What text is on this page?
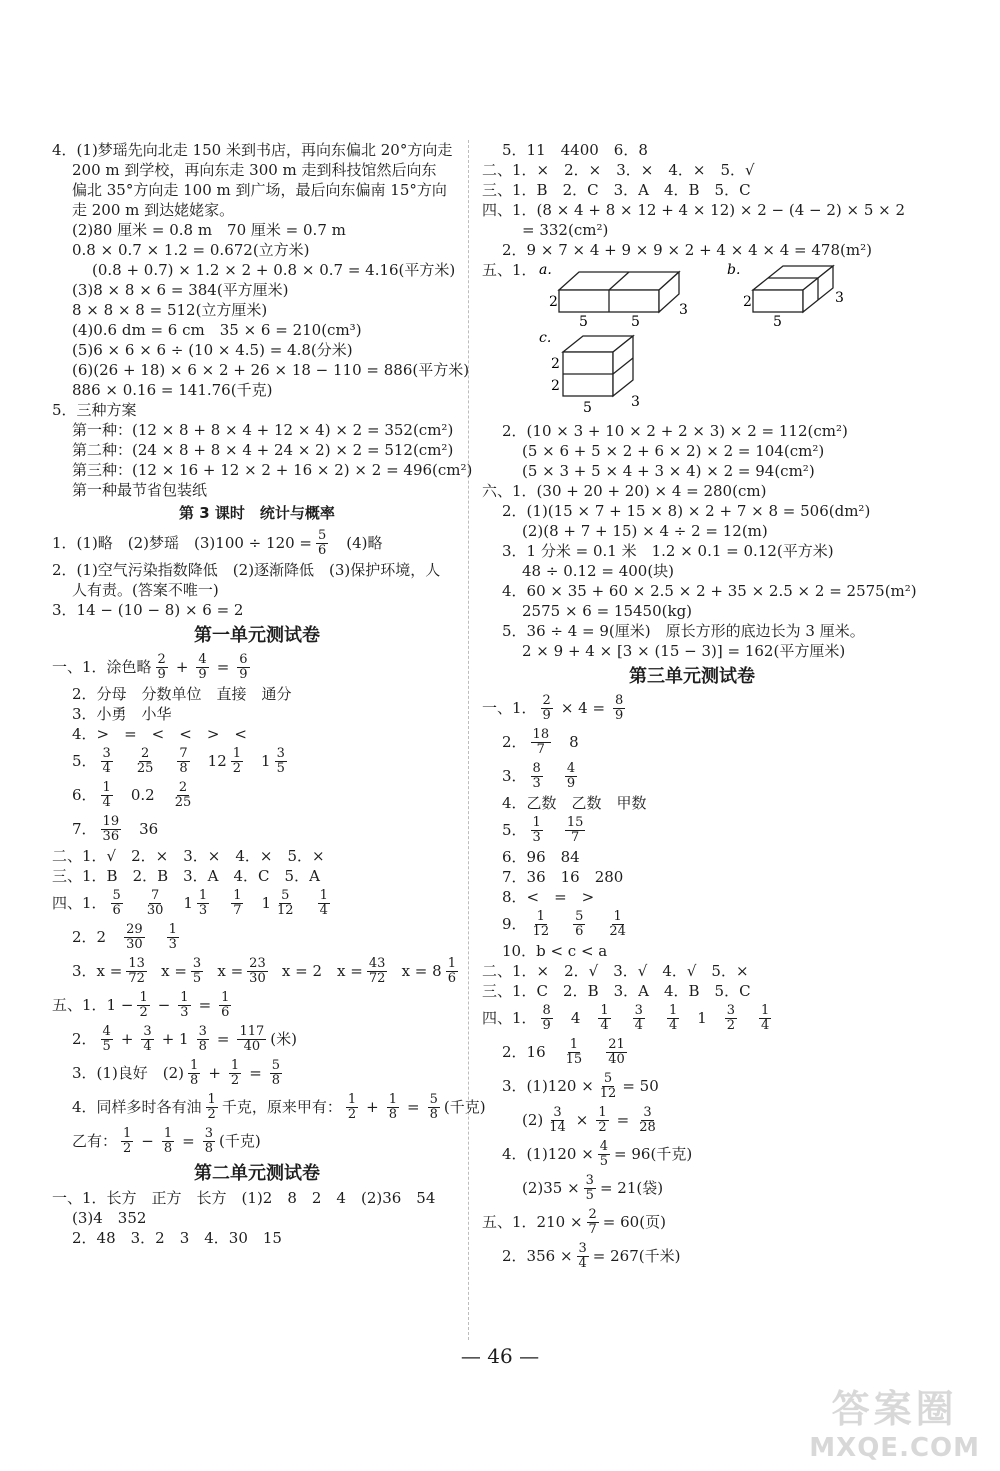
4．(1)梦瑶先向北走 150 米到书店，再向东偏北 20°方向走
200 m 到学校，再向东走 300 m 走到科技馆然后向东
偏北 35°方向走 100 m 到广场，最后向东偏南 15°方向
走 200 m 到达姥姥家。
(2)80 厘米 = 0.8 m　70 厘米 = 0.7 m
0.8 × 0.7 × 1.2 = 0.672(立方米)
(0.8 + 0.7) × 1.2 × 2 + 0.8 × 0.7 = 4.16(平方米)
(3)8 × 8 × 6 = 384(平方厘米)
8 × 8 × 8 = 512(立方厘米)
(4)0.6 dm = 6 cm　35 × 6 = 210(cm³)
(5)6 × 6 × 6 ÷ (10 × 4.5) = 4.8(分米)
(6)(26 + 18) × 6 × 2 + 26 × 18 − 110 = 886(平方米)
886 × 0.16 = 141.76(千克)
5．三种方案
第一种：(12 × 8 + 8 × 4 + 12 × 4) × 2 = 352(cm²)
第二种：(24 × 8 + 8 × 4 + 24 × 2) × 2 = 512(cm²)
第三种：(12 × 16 + 12 × 2 + 16 × 2) × 2 = 496(cm²)
第一种最节省包装纸
第 3 课时　统计与概率
1．(1)略　(2)梦瑶　$(3)100 \div 120 = \frac{5}{6} (4)$略
2．(1)空气污染指数降低　(2)逐渐降低　(3)保护环境，人
人有责。(答案不唯一)
3．14 − (10 − 8) × 6 = 2
第一单元测试卷
一、1．涂色略 $\frac{2}{9} + \frac{4}{9} = \frac{6}{9}$
2．分母　分数单位　直接　通分
3．小勇　小华
4．>　=　<　<　>　<
5． $\frac{3}{4} \frac{2}{25} \frac{7}{8} 12 \frac{1}{2} 1 \frac{3}{5}$
6． $\frac{1}{4} 0.2 \frac{2}{25}$
7． $\frac{19}{36} 36$
二、1．√　2．×　3．×　4．×　5．×
三、1．B　2．B　3．A　4．C　5．A
四、1． $\frac{5}{6} \frac{7}{30} 1 \frac{1}{3} \frac{1}{7} 1 \frac{5}{12} \frac{1}{4}$
2．$2 \frac{29}{30} \frac{1}{3}$
3． $x = \frac{13}{72}$ $x = \frac{3}{5}$ $x = \frac{23}{30}$ x = 2　$x = \frac{43}{72}$ $x = 8 \frac{1}{6}$
五、1．$1 - \frac{1}{2} - \frac{1}{3} = \frac{1}{6}$
2． $\frac{4}{5} + \frac{3}{4} + 1 \frac{3}{8} = \frac{117}{40}$ (米)
3．(1)良好　$(2) \frac{1}{8} + \frac{1}{2} = \frac{5}{8}$
4．同样多时各有油 $\frac{1}{2}$ 千克，原来甲有： $\frac{1}{2} + \frac{1}{8} = \frac{5}{8}$ (千克)
乙有： $\frac{1}{2} - \frac{1}{8} = \frac{3}{8}$ (千克)
第二单元测试卷
一、1．长方　正方　长方　(1)2　8　2　4　(2)36　54
(3)4　352
2．48　3．2　3　4．30　15
5．11　4400　6．8
二、1．×　2．×　3．×　4．×　5．√
三、1．B　2．C　3．A　4．B　5．C
四、1．(8 × 4 + 8 × 12 + 4 × 12) × 2 − (4 − 2) × 5 × 2
= 332(cm²)
2．9 × 7 × 4 + 9 × 9 × 2 + 4 × 4 × 4 = 478(m²)
五、1． a.
2
5	5
3
b.
2
5
3
c.
2
2
5	3
2．(10 × 3 + 10 × 2 + 2 × 3) × 2 = 112(cm²)
(5 × 6 + 5 × 2 + 6 × 2) × 2 = 104(cm²)
(5 × 3 + 5 × 4 + 3 × 4) × 2 = 94(cm²)
六、1．(30 + 20 + 20) × 4 = 280(cm)
2．(1)(15 × 7 + 15 × 8) × 2 + 7 × 8 = 506(dm²)
(2)(8 + 7 + 15) × 4 ÷ 2 = 12(m)
3．1 分米 = 0.1 米　1.2 × 0.1 = 0.12(平方米)
48 ÷ 0.12 = 400(块)
4．60 × 35 + 60 × 2.5 × 2 + 35 × 2.5 × 2 = 2575(m²)
2575 × 6 = 15450(kg)
5．36 ÷ 4 = 9(厘米)　原长方形的底边长为 3 厘米。
2 × 9 + 4 × [3 × (15 − 3)] = 162(平方厘米)
第三单元测试卷
一、1． $\frac{2}{9} \times 4 = \frac{8}{9}$
2． $\frac{18}{7} 8$
3． $\frac{8}{3} \frac{4}{9}$
4．乙数　乙数　甲数
5． $\frac{1}{3} \frac{15}{7}$
6．96　84
7．36　16　280
8．<　=　>
9． $\frac{1}{12} \frac{5}{6} \frac{1}{24}$
10．b < c < a
二、1．×　2．√　3．√　4．√　5．×
三、1．C　2．B　3．A　4．B　5．C
四、1． $\frac{8}{9} 4 \frac{1}{4} \frac{3}{4} \frac{1}{4} 1 \frac{3}{2} \frac{1}{4}$
2．$16 \frac{1}{15} \frac{21}{40}$
3．$(1)120 \times \frac{5}{12} = 50$
$(2) \frac{3}{14} \times \frac{1}{2} = \frac{3}{28}$
4．$(1)120 \times \frac{4}{5} = 96$(千克)
$(2)35 \times \frac{3}{5} = 21$(袋)
五、1．$210 \times \frac{2}{7} = 60$(页)
2．$356 \times \frac{3}{4} = 267$(千米)
— 46 —
答案圈
MXQE.COM
